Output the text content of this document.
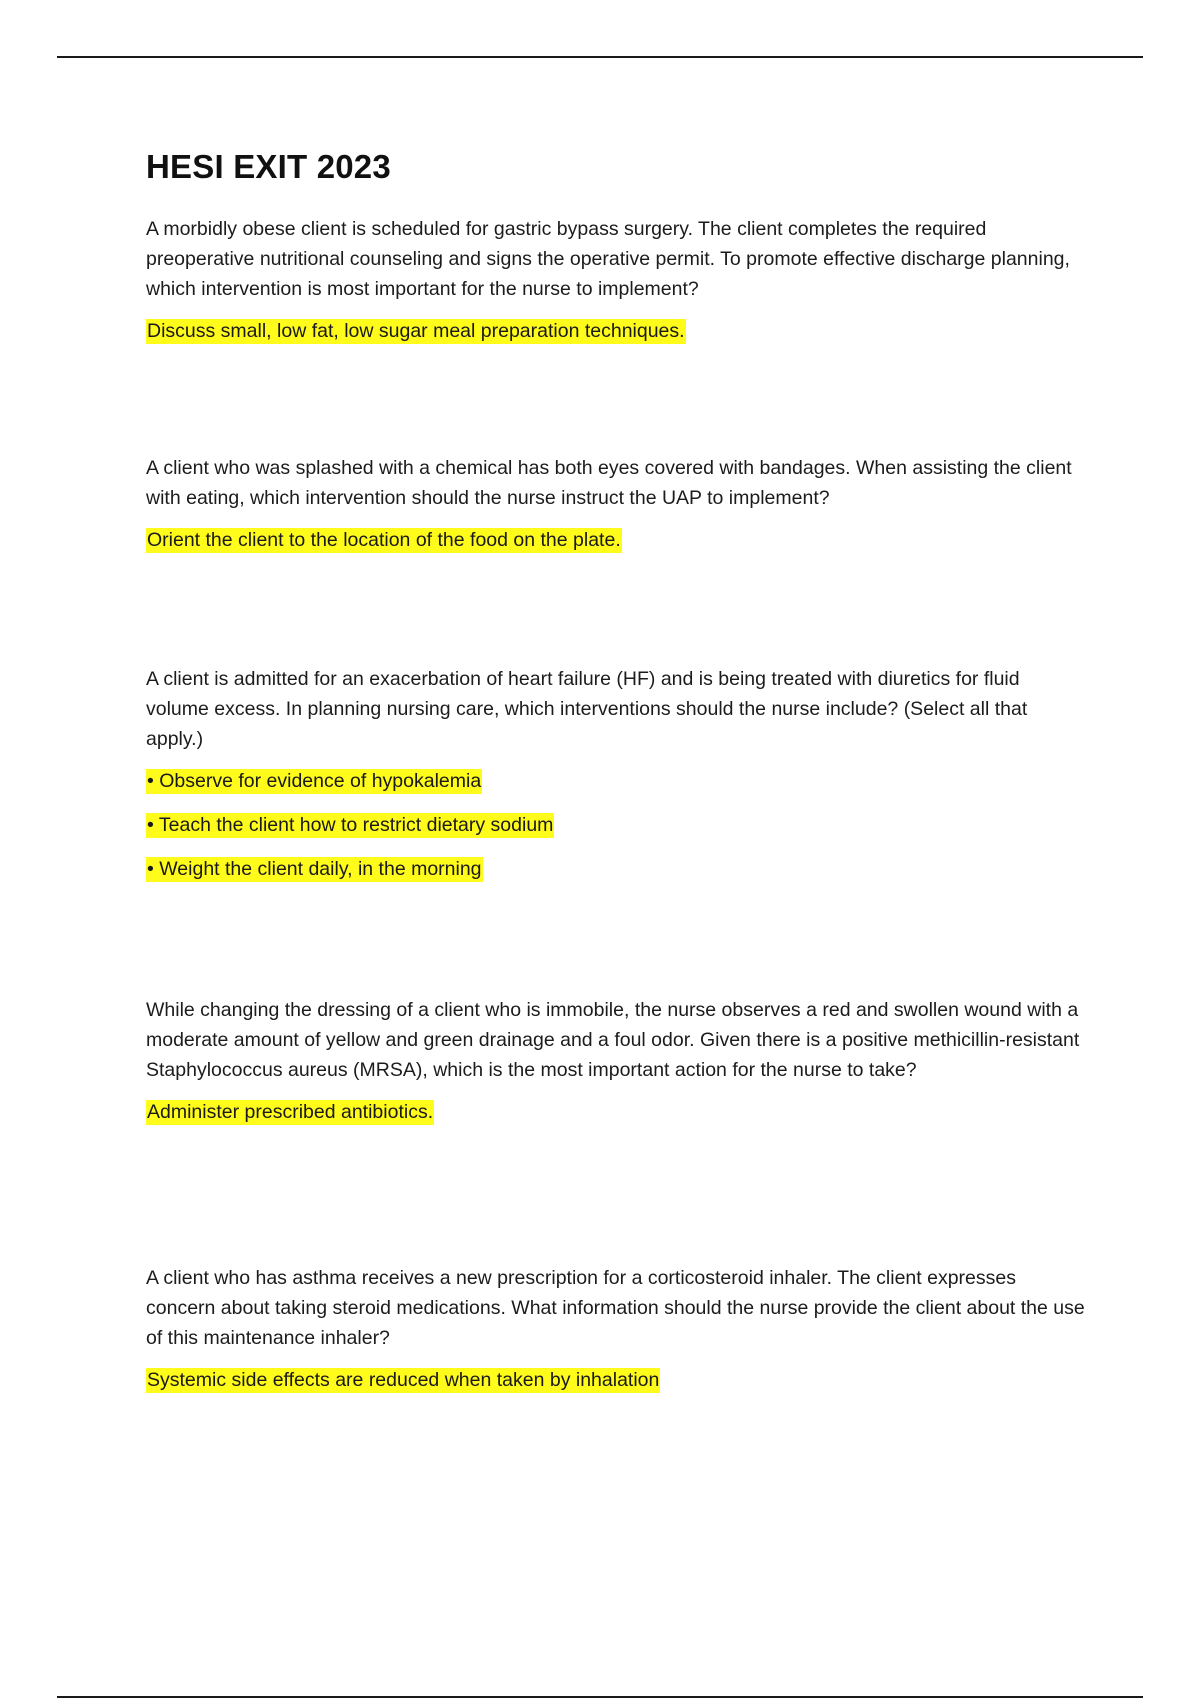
HESI EXIT 2023

A morbidly obese client is scheduled for gastric bypass surgery. The client completes the required preoperative nutritional counseling and signs the operative permit. To promote effective discharge planning, which intervention is most important for the nurse to implement?

Discuss small, low fat, low sugar meal preparation techniques.

A client who was splashed with a chemical has both eyes covered with bandages. When assisting the client with eating, which intervention should the nurse instruct the UAP to implement?

Orient the client to the location of the food on the plate.

A client is admitted for an exacerbation of heart failure (HF) and is being treated with diuretics for fluid volume excess. In planning nursing care, which interventions should the nurse include? (Select all that apply.)

• Observe for evidence of hypokalemia
• Teach the client how to restrict dietary sodium
• Weight the client daily, in the morning

While changing the dressing of a client who is immobile, the nurse observes a red and swollen wound with a moderate amount of yellow and green drainage and a foul odor. Given there is a positive methicillin-resistant Staphylococcus aureus (MRSA), which is the most important action for the nurse to take?

Administer prescribed antibiotics.

A client who has asthma receives a new prescription for a corticosteroid inhaler. The client expresses concern about taking steroid medications. What information should the nurse provide the client about the use of this maintenance inhaler?

Systemic side effects are reduced when taken by inhalation
